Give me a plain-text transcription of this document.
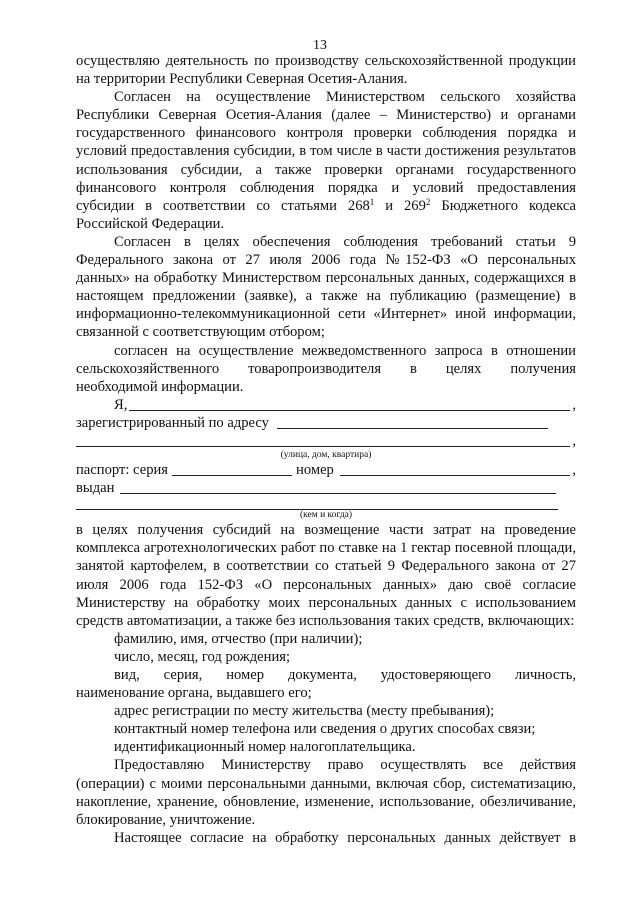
13
осуществляю деятельность по производству сельскохозяйственной продукции на территории Республики Северная Осетия-Алания.
Согласен на осуществление Министерством сельского хозяйства Республики Северная Осетия-Алания (далее – Министерство) и органами государственного финансового контроля проверки соблюдения порядка и условий предоставления субсидии, в том числе в части достижения результатов использования субсидии, а также проверки органами государственного финансового контроля соблюдения порядка и условий предоставления субсидии в соответствии со статьями $268^1$ и $269^2$ Бюджетного кодекса Российской Федерации.
Согласен в целях обеспечения соблюдения требований статьи 9 Федерального закона от 27 июля 2006 года №152-ФЗ «О персональных данных» на обработку Министерством персональных данных, содержащихся в настоящем предложении (заявке), а также на публикацию (размещение) в информационно-телекоммуникационной сети «Интернет» иной информации, связанной с соответствующим отбором;
согласен на осуществление межведомственного запроса в отношении
сельскохозяйственного товаропроизводителя в целях получения
необходимой информации.
Я,	,
зарегистрированный по адресу
,
(улица, дом, квартира)
паспорт: серия	номер	,
выдан
(кем и когда)
в целях получения субсидий на возмещение части затрат на проведение комплекса агротехнологических работ по ставке на 1 гектар посевной площади, занятой картофелем, в соответствии со статьей 9 Федерального закона от 27 июля 2006 года 152-ФЗ «О персональных данных» даю своё согласие Министерству на обработку моих персональных данных с использованием средств автоматизации, а также без использования таких средств, включающих:
фамилию, имя, отчество (при наличии);
число, месяц, год рождения;
вид, серия, номер документа, удостоверяющего личность,
наименование органа, выдавшего его;
адрес регистрации по месту жительства (месту пребывания);
контактный номер телефона или сведения о других способах связи;
идентификационный номер налогоплательщика.
Предоставляю Министерству право осуществлять все действия (операции) с моими персональными данными, включая сбор, систематизацию, накопление, хранение, обновление, изменение, использование, обезличивание, блокирование, уничтожение.
Настоящее согласие на обработку персональных данных действует в
